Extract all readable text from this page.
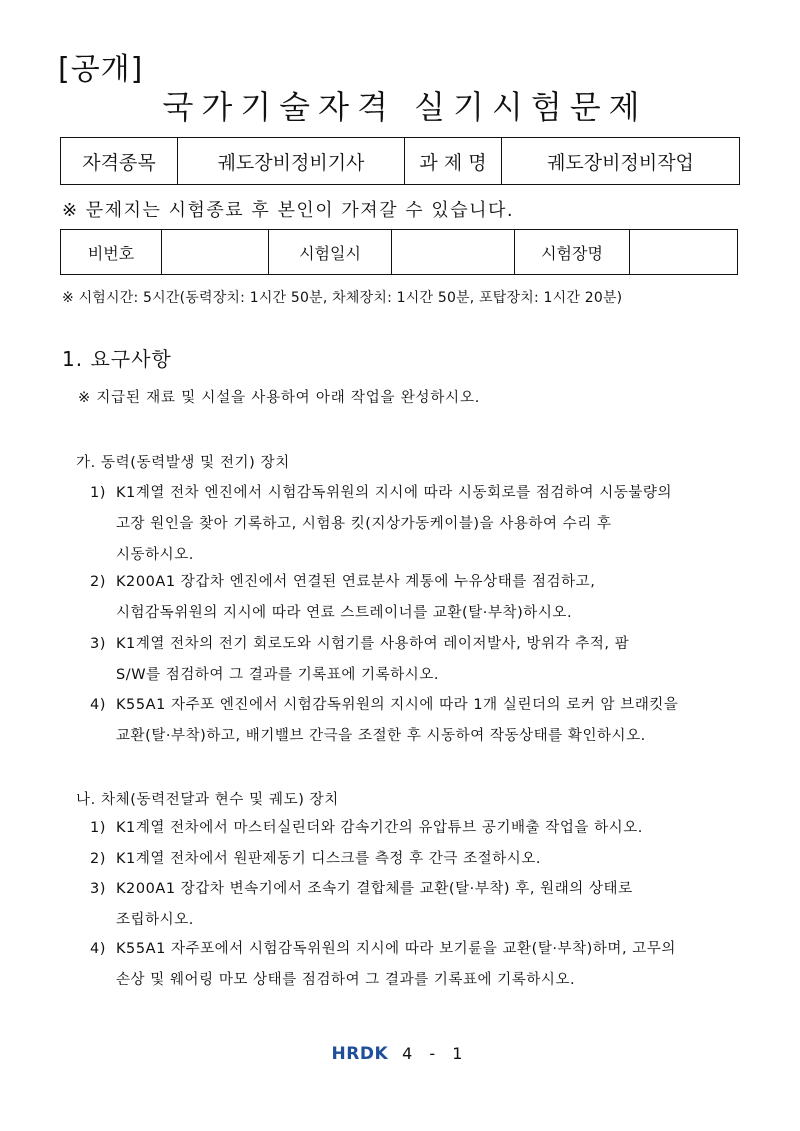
[공개]
국가기술자격 실기시험문제
자격종목	궤도장비정비기사	과 제 명	궤도장비정비작업
※ 문제지는 시험종료 후 본인이 가져갈 수 있습니다.
비번호		시험일시		시험장명	
※ 시험시간: 5시간(동력장치: 1시간 50분, 차체장치: 1시간 50분, 포탑장치: 1시간 20분)
1. 요구사항
※ 지급된 재료 및 시설을 사용하여 아래 작업을 완성하시오.
가. 동력(동력발생 및 전기) 장치
1) K1계열 전차 엔진에서 시험감독위원의 지시에 따라 시동회로를 점검하여 시동불량의
고장 원인을 찾아 기록하고, 시험용 킷(지상가동케이블)을 사용하여 수리 후
시동하시오.
2) K200A1 장갑차 엔진에서 연결된 연료분사 계통에 누유상태를 점검하고,
시험감독위원의 지시에 따라 연료 스트레이너를 교환(탈·부착)하시오.
3) K1계열 전차의 전기 회로도와 시험기를 사용하여 레이저발사, 방위각 추적, 팜
S/W를 점검하여 그 결과를 기록표에 기록하시오.
4) K55A1 자주포 엔진에서 시험감독위원의 지시에 따라 1개 실린더의 로커 암 브래킷을
교환(탈·부착)하고, 배기밸브 간극을 조절한 후 시동하여 작동상태를 확인하시오.
나. 차체(동력전달과 현수 및 궤도) 장치
1) K1계열 전차에서 마스터실린더와 감속기간의 유압튜브 공기배출 작업을 하시오.
2) K1계열 전차에서 원판제동기 디스크를 측정 후 간극 조절하시오.
3) K200A1 장갑차 변속기에서 조속기 결합체를 교환(탈·부착) 후, 원래의 상태로
조립하시오.
4) K55A1 자주포에서 시험감독위원의 지시에 따라 보기륜을 교환(탈·부착)하며, 고무의
손상 및 웨어링 마모 상태를 점검하여 그 결과를 기록표에 기록하시오.
HRDK 4 - 1
